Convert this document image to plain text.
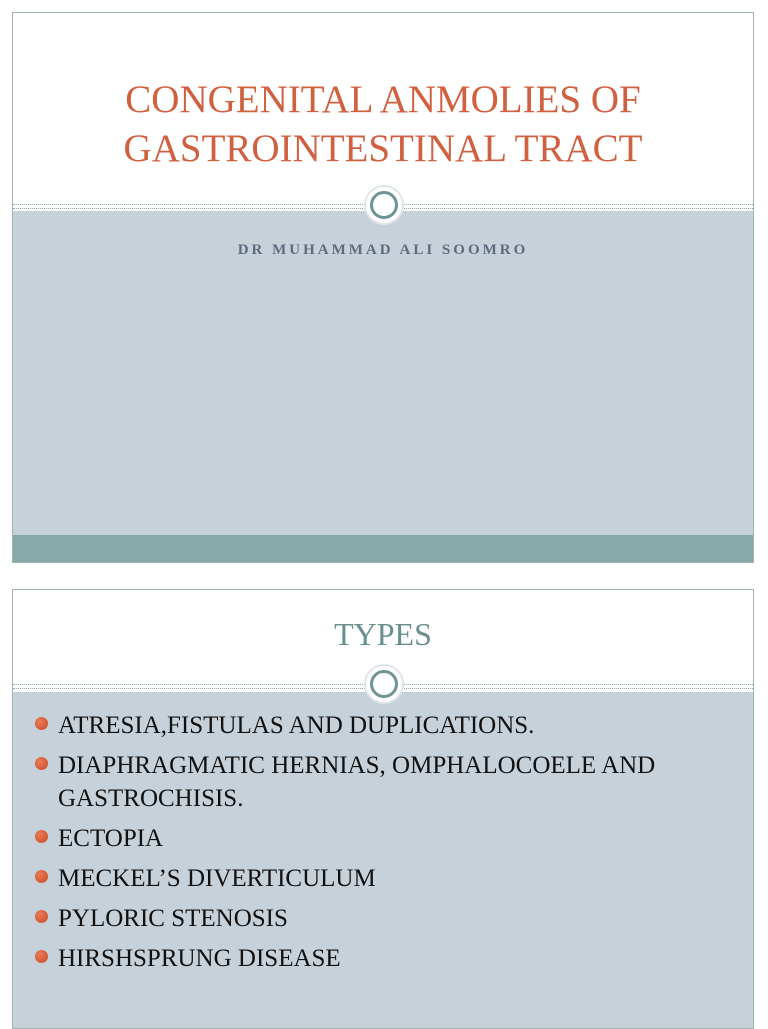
CONGENITAL ANMOLIES OF
GASTROINTESTINAL TRACT

DR MUHAMMAD ALI SOOMRO

TYPES
ATRESIA,FISTULAS AND DUPLICATIONS.
DIAPHRAGMATIC HERNIAS, OMPHALOCOELE AND GASTROCHISIS.
ECTOPIA
MECKEL’S DIVERTICULUM
PYLORIC STENOSIS
HIRSHSPRUNG DISEASE
